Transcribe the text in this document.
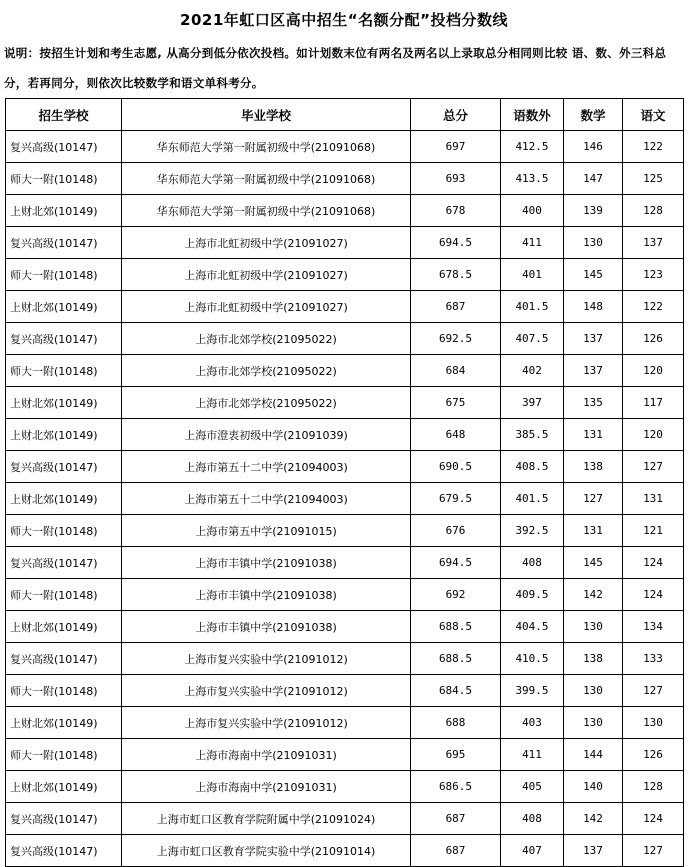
2021年虹口区高中招生“名额分配”投档分数线
说明：按招生计划和考生志愿, 从高分到低分依次投档。如计划数末位有两名及两名以上录取总分相同则比较 语、数、外三科总分，若再同分，则依次比较数学和语文单科考分。
招生学校	毕业学校	总分	语数外	数学	语文
复兴高级(10147)	华东师范大学第一附属初级中学(21091068)	697	412.5	146	122
师大一附(10148)	华东师范大学第一附属初级中学(21091068)	693	413.5	147	125
上财北郊(10149)	华东师范大学第一附属初级中学(21091068)	678	400	139	128
复兴高级(10147)	上海市北虹初级中学(21091027)	694.5	411	130	137
师大一附(10148)	上海市北虹初级中学(21091027)	678.5	401	145	123
上财北郊(10149)	上海市北虹初级中学(21091027)	687	401.5	148	122
复兴高级(10147)	上海市北郊学校(21095022)	692.5	407.5	137	126
师大一附(10148)	上海市北郊学校(21095022)	684	402	137	120
上财北郊(10149)	上海市北郊学校(21095022)	675	397	135	117
上财北郊(10149)	上海市澄衷初级中学(21091039)	648	385.5	131	120
复兴高级(10147)	上海市第五十二中学(21094003)	690.5	408.5	138	127
上财北郊(10149)	上海市第五十二中学(21094003)	679.5	401.5	127	131
师大一附(10148)	上海市第五中学(21091015)	676	392.5	131	121
复兴高级(10147)	上海市丰镇中学(21091038)	694.5	408	145	124
师大一附(10148)	上海市丰镇中学(21091038)	692	409.5	142	124
上财北郊(10149)	上海市丰镇中学(21091038)	688.5	404.5	130	134
复兴高级(10147)	上海市复兴实验中学(21091012)	688.5	410.5	138	133
师大一附(10148)	上海市复兴实验中学(21091012)	684.5	399.5	130	127
上财北郊(10149)	上海市复兴实验中学(21091012)	688	403	130	130
师大一附(10148)	上海市海南中学(21091031)	695	411	144	126
上财北郊(10149)	上海市海南中学(21091031)	686.5	405	140	128
复兴高级(10147)	上海市虹口区教育学院附属中学(21091024)	687	408	142	124
复兴高级(10147)	上海市虹口区教育学院实验中学(21091014)	687	407	137	127
